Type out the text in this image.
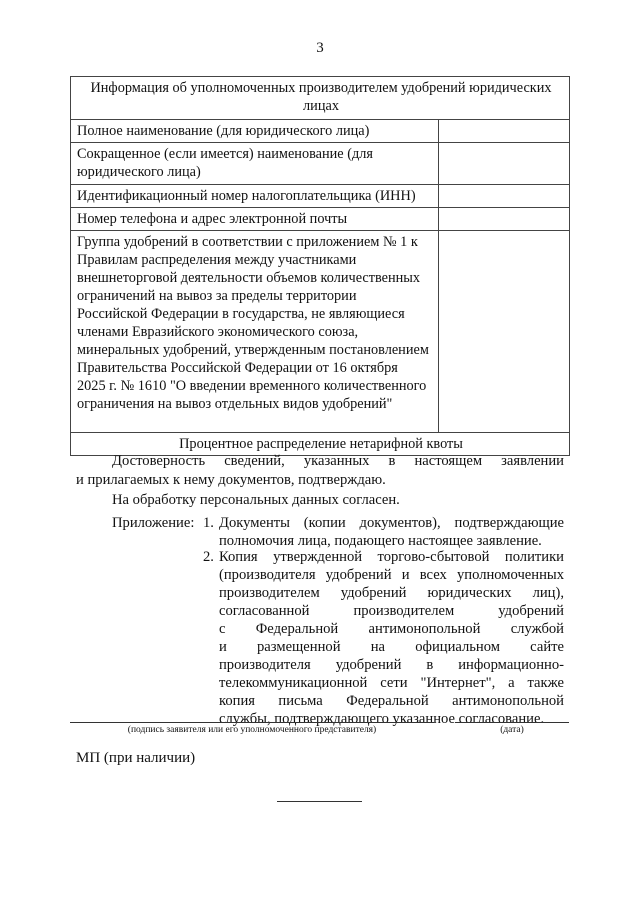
3
Информация об уполномоченных производителем удобрений юридических лицах	
Полное наименование (для юридического лица)	
Сокращенное (если имеется) наименование (для юридического лица)	
Идентификационный номер налогоплательщика (ИНН)	
Номер телефона и адрес электронной почты	
Группа удобрений в соответствии с приложением № 1 к Правилам распределения между участниками внешнеторговой деятельности объемов количественных ограничений на вывоз за пределы территории Российской Федерации в государства, не являющиеся членами Евразийского экономического союза, минеральных удобрений, утвержденным постановлением Правительства Российской Федерации от 16 октября 2025 г. № 1610 "О введении временного количественного ограничения на вывоз отдельных видов удобрений"	
Процентное распределение нетарифной квоты	
Достоверность сведений, указанных в настоящем заявлении
и прилагаемых к нему документов, подтверждаю.
На обработку персональных данных согласен.
Приложение: 1. Документы (копии документов), подтверждающие
полномочия лица, подающего настоящее заявление.
2. Копия утвержденной торгово-сбытовой политики
(производителя удобрений и всех уполномоченных
производителем удобрений юридических лиц),
согласованной производителем удобрений
с Федеральной антимонопольной службой
и размещенной на официальном сайте
производителя удобрений в информационно-
телекоммуникационной сети "Интернет", а также
копия письма Федеральной антимонопольной
службы, подтверждающего указанное согласование.
(подпись заявителя или его уполномоченного представителя)	(дата)
МП (при наличии)
